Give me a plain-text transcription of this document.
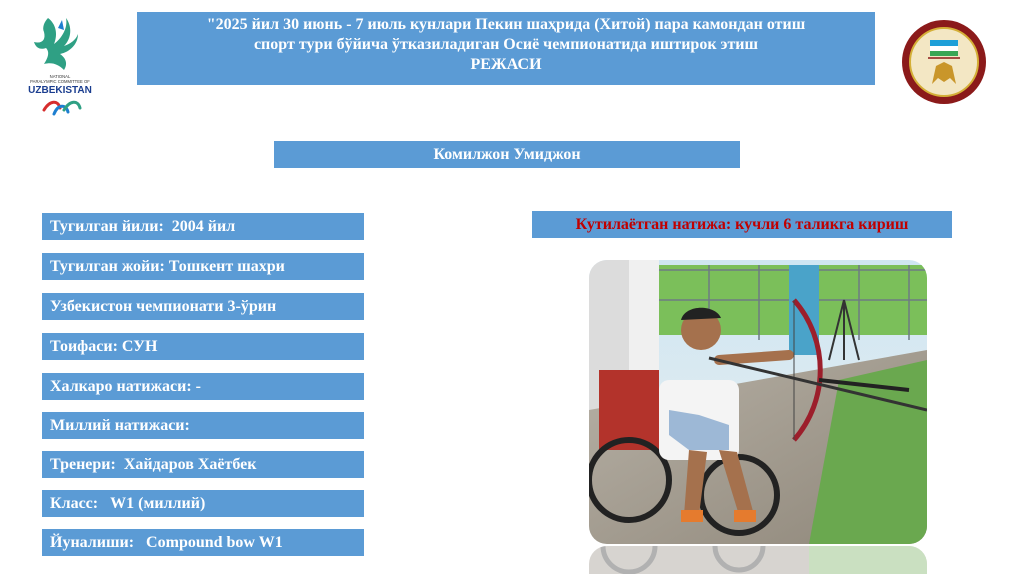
NATIONAL
PARALYMPIC COMMITTEE OF
UZBEKISTAN
"2025 йил 30 июнь - 7 июль кунлари Пекин шаҳрида (Хитой) пара камондан отиш
спорт тури бўйича ўтказиладиган Осиё чемпионатида иштирок этиш
РЕЖАСИ
Комилжон Умиджон
Тугилган йили:  2004 йил
Тугилган жойи: Тошкент шахри
Узбекистон чемпионати 3-ўрин
Тоифаси: СУН
Халкаро натижаси: -
Миллий натижаси:
Тренери:  Хайдаров Хаётбек
Класс:   W1 (миллий)
Йуналиши:   Compound bow W1
Кутилаётган натижа: кучли 6 таликга кириш
